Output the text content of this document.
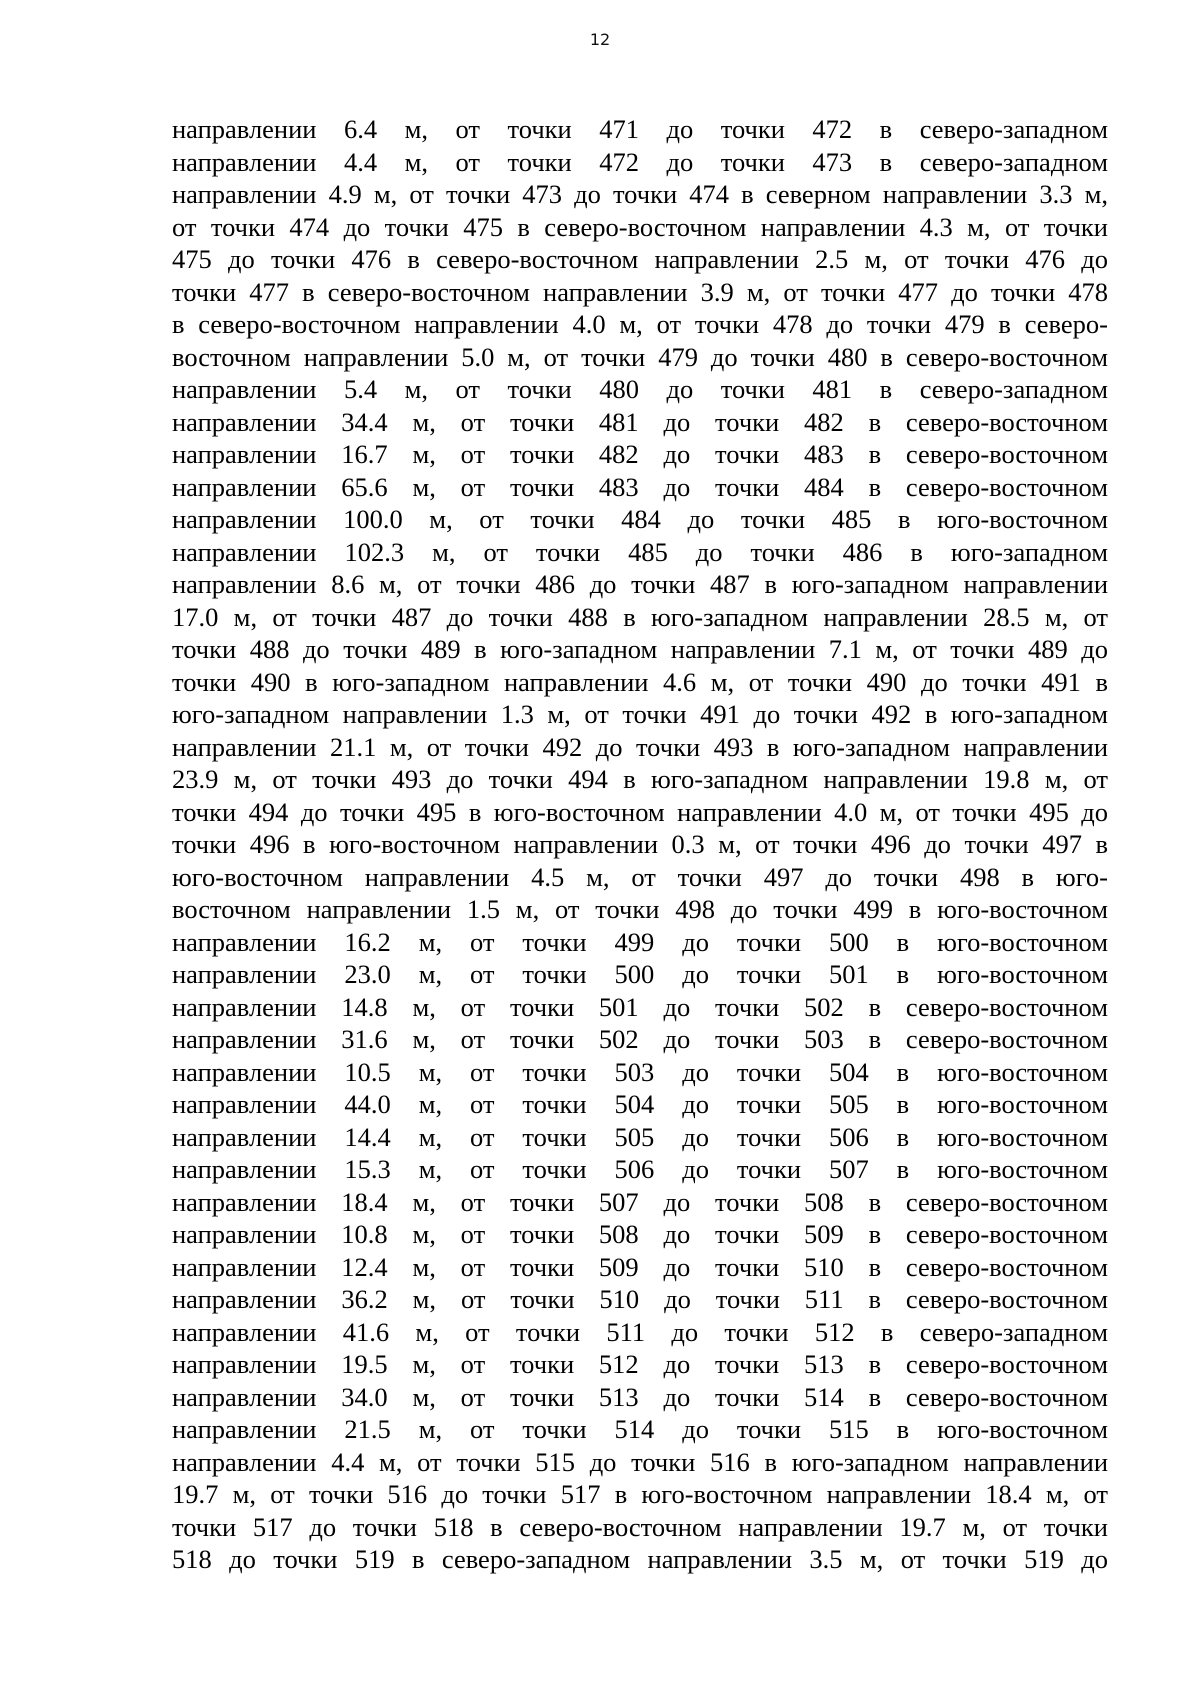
12
направлении 6.4 м, от точки 471 до точки 472 в северо-западном
направлении 4.4 м, от точки 472 до точки 473 в северо-западном
направлении 4.9 м, от точки 473 до точки 474 в северном направлении 3.3 м,
от точки 474 до точки 475 в северо-восточном направлении 4.3 м, от точки
475 до точки 476 в северо-восточном направлении 2.5 м, от точки 476 до
точки 477 в северо-восточном направлении 3.9 м, от точки 477 до точки 478
в северо-восточном направлении 4.0 м, от точки 478 до точки 479 в северо-
восточном направлении 5.0 м, от точки 479 до точки 480 в северо-восточном
направлении 5.4 м, от точки 480 до точки 481 в северо-западном
направлении 34.4 м, от точки 481 до точки 482 в северо-восточном
направлении 16.7 м, от точки 482 до точки 483 в северо-восточном
направлении 65.6 м, от точки 483 до точки 484 в северо-восточном
направлении 100.0 м, от точки 484 до точки 485 в юго-восточном
направлении 102.3 м, от точки 485 до точки 486 в юго-западном
направлении 8.6 м, от точки 486 до точки 487 в юго-западном направлении
17.0 м, от точки 487 до точки 488 в юго-западном направлении 28.5 м, от
точки 488 до точки 489 в юго-западном направлении 7.1 м, от точки 489 до
точки 490 в юго-западном направлении 4.6 м, от точки 490 до точки 491 в
юго-западном направлении 1.3 м, от точки 491 до точки 492 в юго-западном
направлении 21.1 м, от точки 492 до точки 493 в юго-западном направлении
23.9 м, от точки 493 до точки 494 в юго-западном направлении 19.8 м, от
точки 494 до точки 495 в юго-восточном направлении 4.0 м, от точки 495 до
точки 496 в юго-восточном направлении 0.3 м, от точки 496 до точки 497 в
юго-восточном направлении 4.5 м, от точки 497 до точки 498 в юго-
восточном направлении 1.5 м, от точки 498 до точки 499 в юго-восточном
направлении 16.2 м, от точки 499 до точки 500 в юго-восточном
направлении 23.0 м, от точки 500 до точки 501 в юго-восточном
направлении 14.8 м, от точки 501 до точки 502 в северо-восточном
направлении 31.6 м, от точки 502 до точки 503 в северо-восточном
направлении 10.5 м, от точки 503 до точки 504 в юго-восточном
направлении 44.0 м, от точки 504 до точки 505 в юго-восточном
направлении 14.4 м, от точки 505 до точки 506 в юго-восточном
направлении 15.3 м, от точки 506 до точки 507 в юго-восточном
направлении 18.4 м, от точки 507 до точки 508 в северо-восточном
направлении 10.8 м, от точки 508 до точки 509 в северо-восточном
направлении 12.4 м, от точки 509 до точки 510 в северо-восточном
направлении 36.2 м, от точки 510 до точки 511 в северо-восточном
направлении 41.6 м, от точки 511 до точки 512 в северо-западном
направлении 19.5 м, от точки 512 до точки 513 в северо-восточном
направлении 34.0 м, от точки 513 до точки 514 в северо-восточном
направлении 21.5 м, от точки 514 до точки 515 в юго-восточном
направлении 4.4 м, от точки 515 до точки 516 в юго-западном направлении
19.7 м, от точки 516 до точки 517 в юго-восточном направлении 18.4 м, от
точки 517 до точки 518 в северо-восточном направлении 19.7 м, от точки
518 до точки 519 в северо-западном направлении 3.5 м, от точки 519 до
